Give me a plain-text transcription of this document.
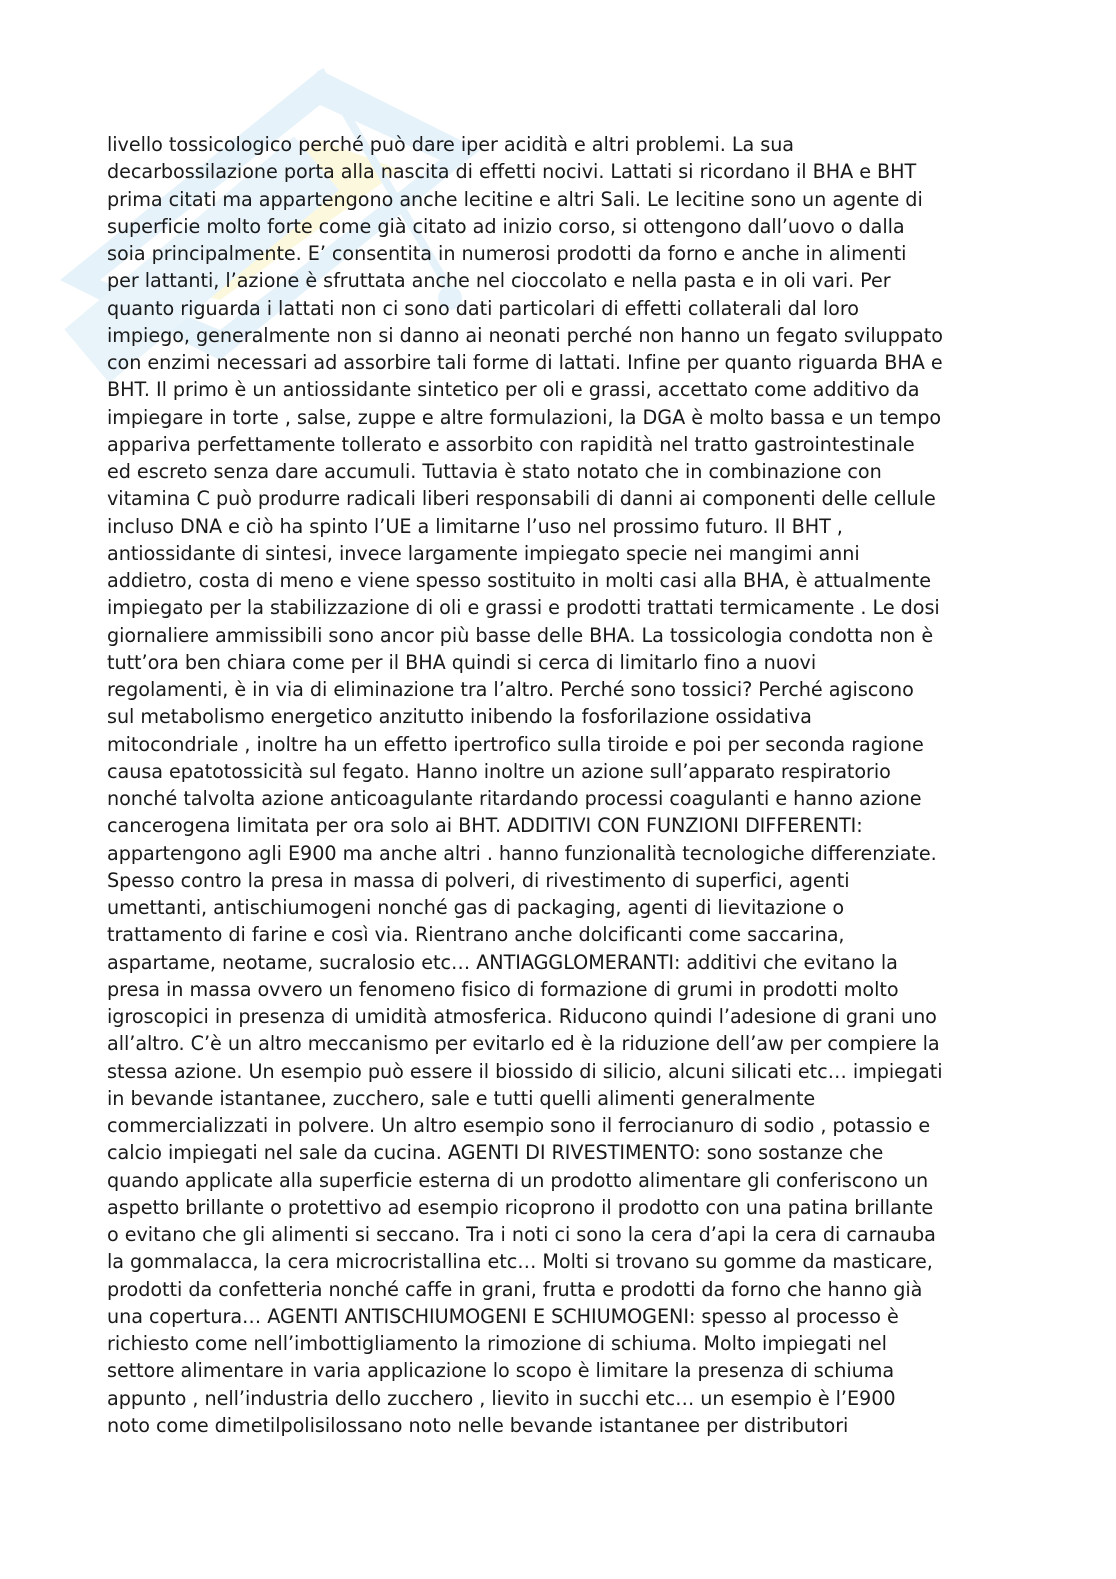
livello tossicologico perché può dare iper acidità e altri problemi. La sua
decarbossilazione porta alla nascita di effetti nocivi. Lattati si ricordano il BHA e BHT
prima citati ma appartengono anche lecitine e altri Sali. Le lecitine sono un agente di
superficie molto forte come già citato ad inizio corso, si ottengono dall’uovo o dalla
soia principalmente. E’ consentita in numerosi prodotti da forno e anche in alimenti
per lattanti, l’azione è sfruttata anche nel cioccolato e nella pasta e in oli vari. Per
quanto riguarda i lattati non ci sono dati particolari di effetti collaterali dal loro
impiego, generalmente non si danno ai neonati perché non hanno un fegato sviluppato
con enzimi necessari ad assorbire tali forme di lattati. Infine per quanto riguarda BHA e
BHT. Il primo è un antiossidante sintetico per oli e grassi, accettato come additivo da
impiegare in torte , salse, zuppe e altre formulazioni, la DGA è molto bassa e un tempo
appariva perfettamente tollerato e assorbito con rapidità nel tratto gastrointestinale
ed escreto senza dare accumuli. Tuttavia è stato notato che in combinazione con
vitamina C può produrre radicali liberi responsabili di danni ai componenti delle cellule
incluso DNA e ciò ha spinto l’UE a limitarne l’uso nel prossimo futuro. Il BHT ,
antiossidante di sintesi, invece largamente impiegato specie nei mangimi anni
addietro, costa di meno e viene spesso sostituito in molti casi alla BHA, è attualmente
impiegato per la stabilizzazione di oli e grassi e prodotti trattati termicamente . Le dosi
giornaliere ammissibili sono ancor più basse delle BHA. La tossicologia condotta non è
tutt’ora ben chiara come per il BHA quindi si cerca di limitarlo fino a nuovi
regolamenti, è in via di eliminazione tra l’altro. Perché sono tossici? Perché agiscono
sul metabolismo energetico anzitutto inibendo la fosforilazione ossidativa
mitocondriale , inoltre ha un effetto ipertrofico sulla tiroide e poi per seconda ragione
causa epatotossicità sul fegato. Hanno inoltre un azione sull’apparato respiratorio
nonché talvolta azione anticoagulante ritardando processi coagulanti e hanno azione
cancerogena limitata per ora solo ai BHT. ADDITIVI CON FUNZIONI DIFFERENTI:
appartengono agli E900 ma anche altri . hanno funzionalità tecnologiche differenziate.
Spesso contro la presa in massa di polveri, di rivestimento di superfici, agenti
umettanti, antischiumogeni nonché gas di packaging, agenti di lievitazione o
trattamento di farine e così via. Rientrano anche dolcificanti come saccarina,
aspartame, neotame, sucralosio etc… ANTIAGGLOMERANTI: additivi che evitano la
presa in massa ovvero un fenomeno fisico di formazione di grumi in prodotti molto
igroscopici in presenza di umidità atmosferica. Riducono quindi l’adesione di grani uno
all’altro. C’è un altro meccanismo per evitarlo ed è la riduzione dell’aw per compiere la
stessa azione. Un esempio può essere il biossido di silicio, alcuni silicati etc… impiegati
in bevande istantanee, zucchero, sale e tutti quelli alimenti generalmente
commercializzati in polvere. Un altro esempio sono il ferrocianuro di sodio , potassio e
calcio impiegati nel sale da cucina. AGENTI DI RIVESTIMENTO: sono sostanze che
quando applicate alla superficie esterna di un prodotto alimentare gli conferiscono un
aspetto brillante o protettivo ad esempio ricoprono il prodotto con una patina brillante
o evitano che gli alimenti si seccano. Tra i noti ci sono la cera d’api la cera di carnauba
la gommalacca, la cera microcristallina etc… Molti si trovano su gomme da masticare,
prodotti da confetteria nonché caffe in grani, frutta e prodotti da forno che hanno già
una copertura… AGENTI ANTISCHIUMOGENI E SCHIUMOGENI: spesso al processo è
richiesto come nell’imbottigliamento la rimozione di schiuma. Molto impiegati nel
settore alimentare in varia applicazione lo scopo è limitare la presenza di schiuma
appunto , nell’industria dello zucchero , lievito in succhi etc… un esempio è l’E900
noto come dimetilpolisilossano noto nelle bevande istantanee per distributori
